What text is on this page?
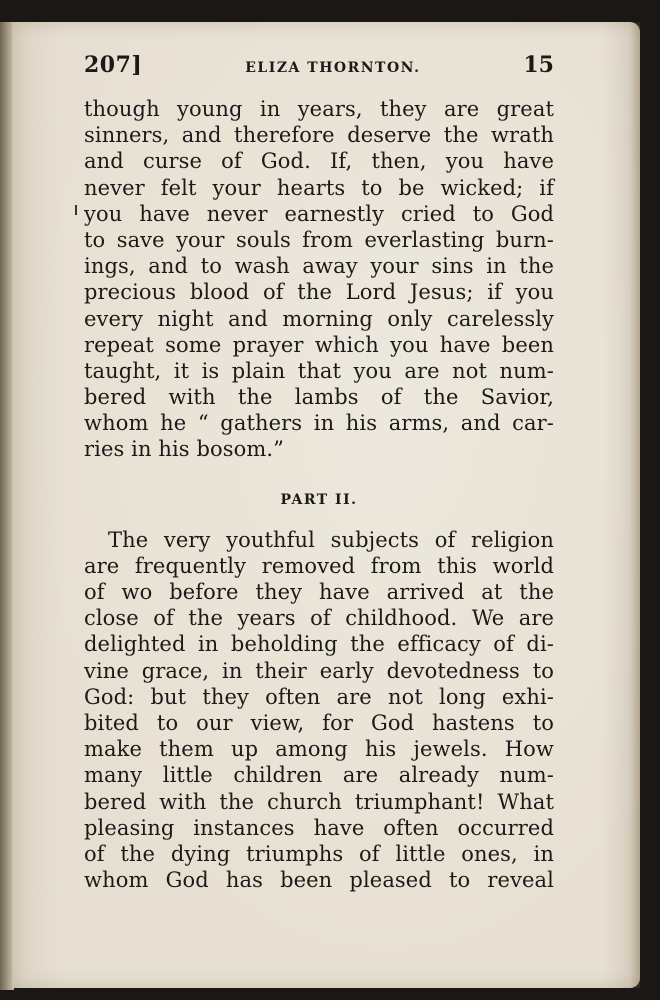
207]	ELIZA THORNTON.	15
though young in years, they are great
sinners, and therefore deserve the wrath
and curse of God. If, then, you have
never felt your hearts to be wicked; if
you have never earnestly cried to God
to save your souls from everlasting burn-
ings, and to wash away your sins in the
precious blood of the Lord Jesus; if you
every night and morning only carelessly
repeat some prayer which you have been
taught, it is plain that you are not num-
bered with the lambs of the Savior,
whom he “ gathers in his arms, and car-
ries in his bosom.”
PART II.
The very youthful subjects of religion
are frequently removed from this world
of wo before they have arrived at the
close of the years of childhood. We are
delighted in beholding the efficacy of di-
vine grace, in their early devotedness to
God: but they often are not long exhi-
bited to our view, for God hastens to
make them up among his jewels. How
many little children are already num-
bered with the church triumphant! What
pleasing instances have often occurred
of the dying triumphs of little ones, in
whom God has been pleased to reveal
